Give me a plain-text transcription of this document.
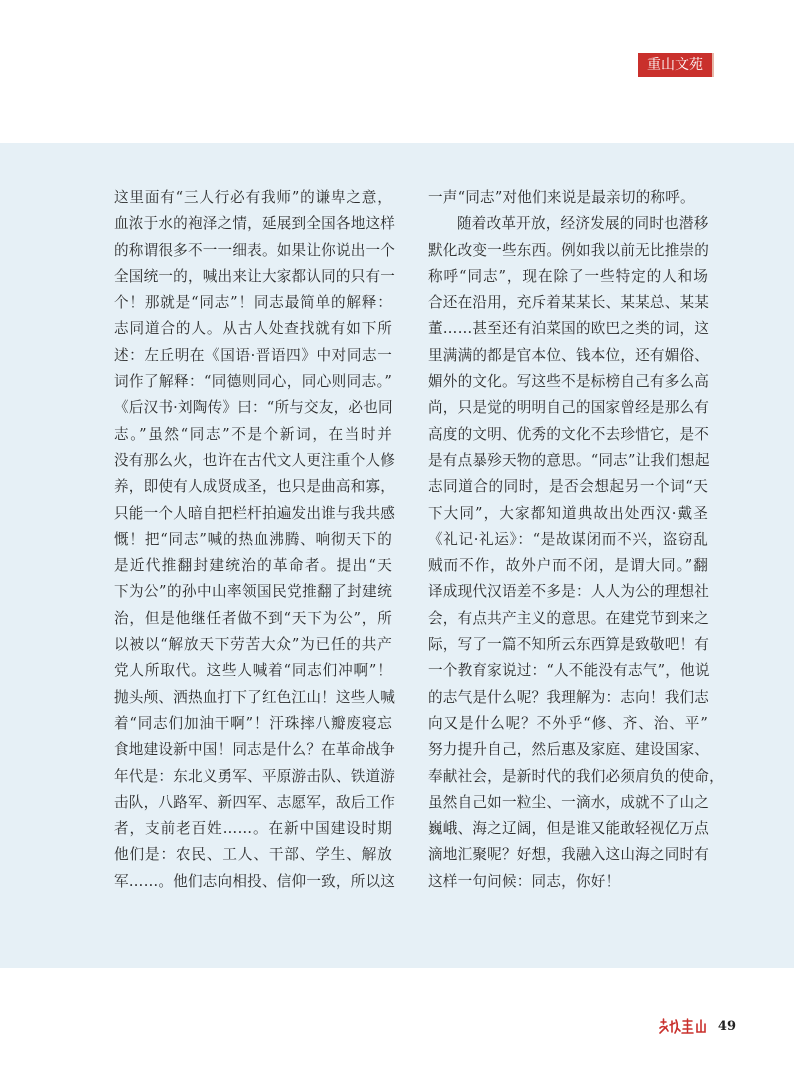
重山文苑
这里面有“三人行必有我师”的谦卑之意，
血浓于水的袍泽之情，延展到全国各地这样
的称谓很多不一一细表。如果让你说出一个
全国统一的，喊出来让大家都认同的只有一
个！那就是“同志”！同志最简单的解释：
志同道合的人。从古人处查找就有如下所
述：左丘明在《国语·晋语四》中对同志一
词作了解释：“同德则同心，同心则同志。”
《后汉书·刘陶传》曰：“所与交友，必也同
志。”虽然“同志”不是个新词，在当时并
没有那么火，也许在古代文人更注重个人修
养，即使有人成贤成圣，也只是曲高和寡，
只能一个人暗自把栏杆拍遍发出谁与我共感
慨！把“同志”喊的热血沸腾、响彻天下的
是近代推翻封建统治的革命者。提出“天
下为公”的孙中山率领国民党推翻了封建统
治，但是他继任者做不到“天下为公”，所
以被以“解放天下劳苦大众”为已任的共产
党人所取代。这些人喊着“同志们冲啊”！
抛头颅、洒热血打下了红色江山！这些人喊
着“同志们加油干啊”！汗珠摔八瓣废寝忘
食地建设新中国！同志是什么？在革命战争
年代是：东北义勇军、平原游击队、铁道游
击队，八路军、新四军、志愿军，敌后工作
者，支前老百姓……。在新中国建设时期
他们是：农民、工人、干部、学生、解放
军……。他们志向相投、信仰一致，所以这
一声“同志”对他们来说是最亲切的称呼。
随着改革开放，经济发展的同时也潜移
默化改变一些东西。例如我以前无比推崇的
称呼“同志”，现在除了一些特定的人和场
合还在沿用，充斥着某某长、某某总、某某
董……甚至还有泊菜国的欧巴之类的词，这
里满满的都是官本位、钱本位，还有媚俗、
媚外的文化。写这些不是标榜自己有多么高
尚，只是觉的明明自己的国家曾经是那么有
高度的文明、优秀的文化不去珍惜它，是不
是有点暴殄天物的意思。“同志”让我们想起
志同道合的同时，是否会想起另一个词“天
下大同”，大家都知道典故出处西汉·戴圣
《礼记·礼运》：“是故谋闭而不兴，盗窃乱
贼而不作，故外户而不闭，是谓大同。”翻
译成现代汉语差不多是：人人为公的理想社
会，有点共产主义的意思。在建党节到来之
际，写了一篇不知所云东西算是致敬吧！有
一个教育家说过：“人不能没有志气”，他说
的志气是什么呢？我理解为：志向！我们志
向又是什么呢？不外乎“修、齐、治、平”
努力提升自己，然后惠及家庭、建设国家、
奉献社会，是新时代的我们必须肩负的使命，
虽然自己如一粒尘、一滴水，成就不了山之
巍峨、海之辽阔，但是谁又能敢轻视亿万点
滴地汇聚呢？好想，我融入这山海之同时有
这样一句问候：同志，你好！
49
